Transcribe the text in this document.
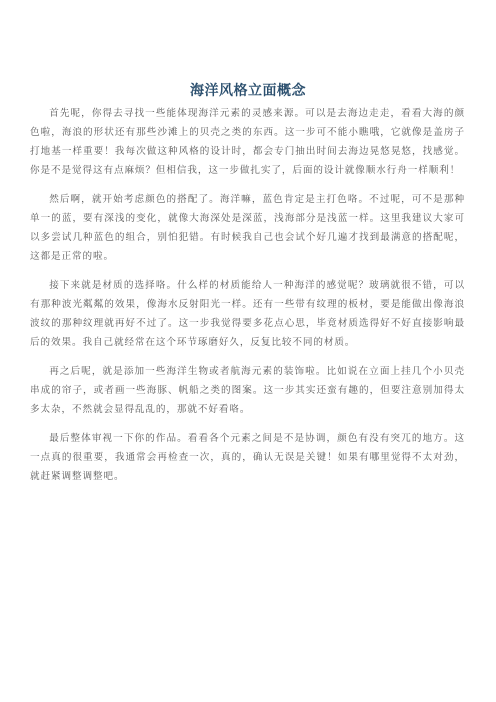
海洋风格立面概念

首先呢，你得去寻找一些能体现海洋元素的灵感来源。可以是去海边走走，看看大海的颜色啦，海浪的形状还有那些沙滩上的贝壳之类的东西。这一步可不能小瞧哦，它就像是盖房子打地基一样重要！我每次做这种风格的设计时，都会专门抽出时间去海边晃悠晃悠，找感觉。你是不是觉得这有点麻烦？但相信我，这一步做扎实了，后面的设计就像顺水行舟一样顺利！

然后啊，就开始考虑颜色的搭配了。海洋嘛，蓝色肯定是主打色咯。不过呢，可不是那种单一的蓝，要有深浅的变化，就像大海深处是深蓝，浅海部分是浅蓝一样。这里我建议大家可以多尝试几种蓝色的组合，别怕犯错。有时候我自己也会试个好几遍才找到最满意的搭配呢，这都是正常的啦。

接下来就是材质的选择咯。什么样的材质能给人一种海洋的感觉呢？玻璃就很不错，可以有那种波光粼粼的效果，像海水反射阳光一样。还有一些带有纹理的板材，要是能做出像海浪波纹的那种纹理就再好不过了。这一步我觉得要多花点心思，毕竟材质选得好不好直接影响最后的效果。我自己就经常在这个环节琢磨好久，反复比较不同的材质。

再之后呢，就是添加一些海洋生物或者航海元素的装饰啦。比如说在立面上挂几个小贝壳串成的帘子，或者画一些海豚、帆船之类的图案。这一步其实还蛮有趣的，但要注意别加得太多太杂，不然就会显得乱乱的，那就不好看咯。

最后整体审视一下你的作品。看看各个元素之间是不是协调，颜色有没有突兀的地方。这一点真的很重要，我通常会再检查一次，真的，确认无误是关键！如果有哪里觉得不太对劲，就赶紧调整调整吧。
